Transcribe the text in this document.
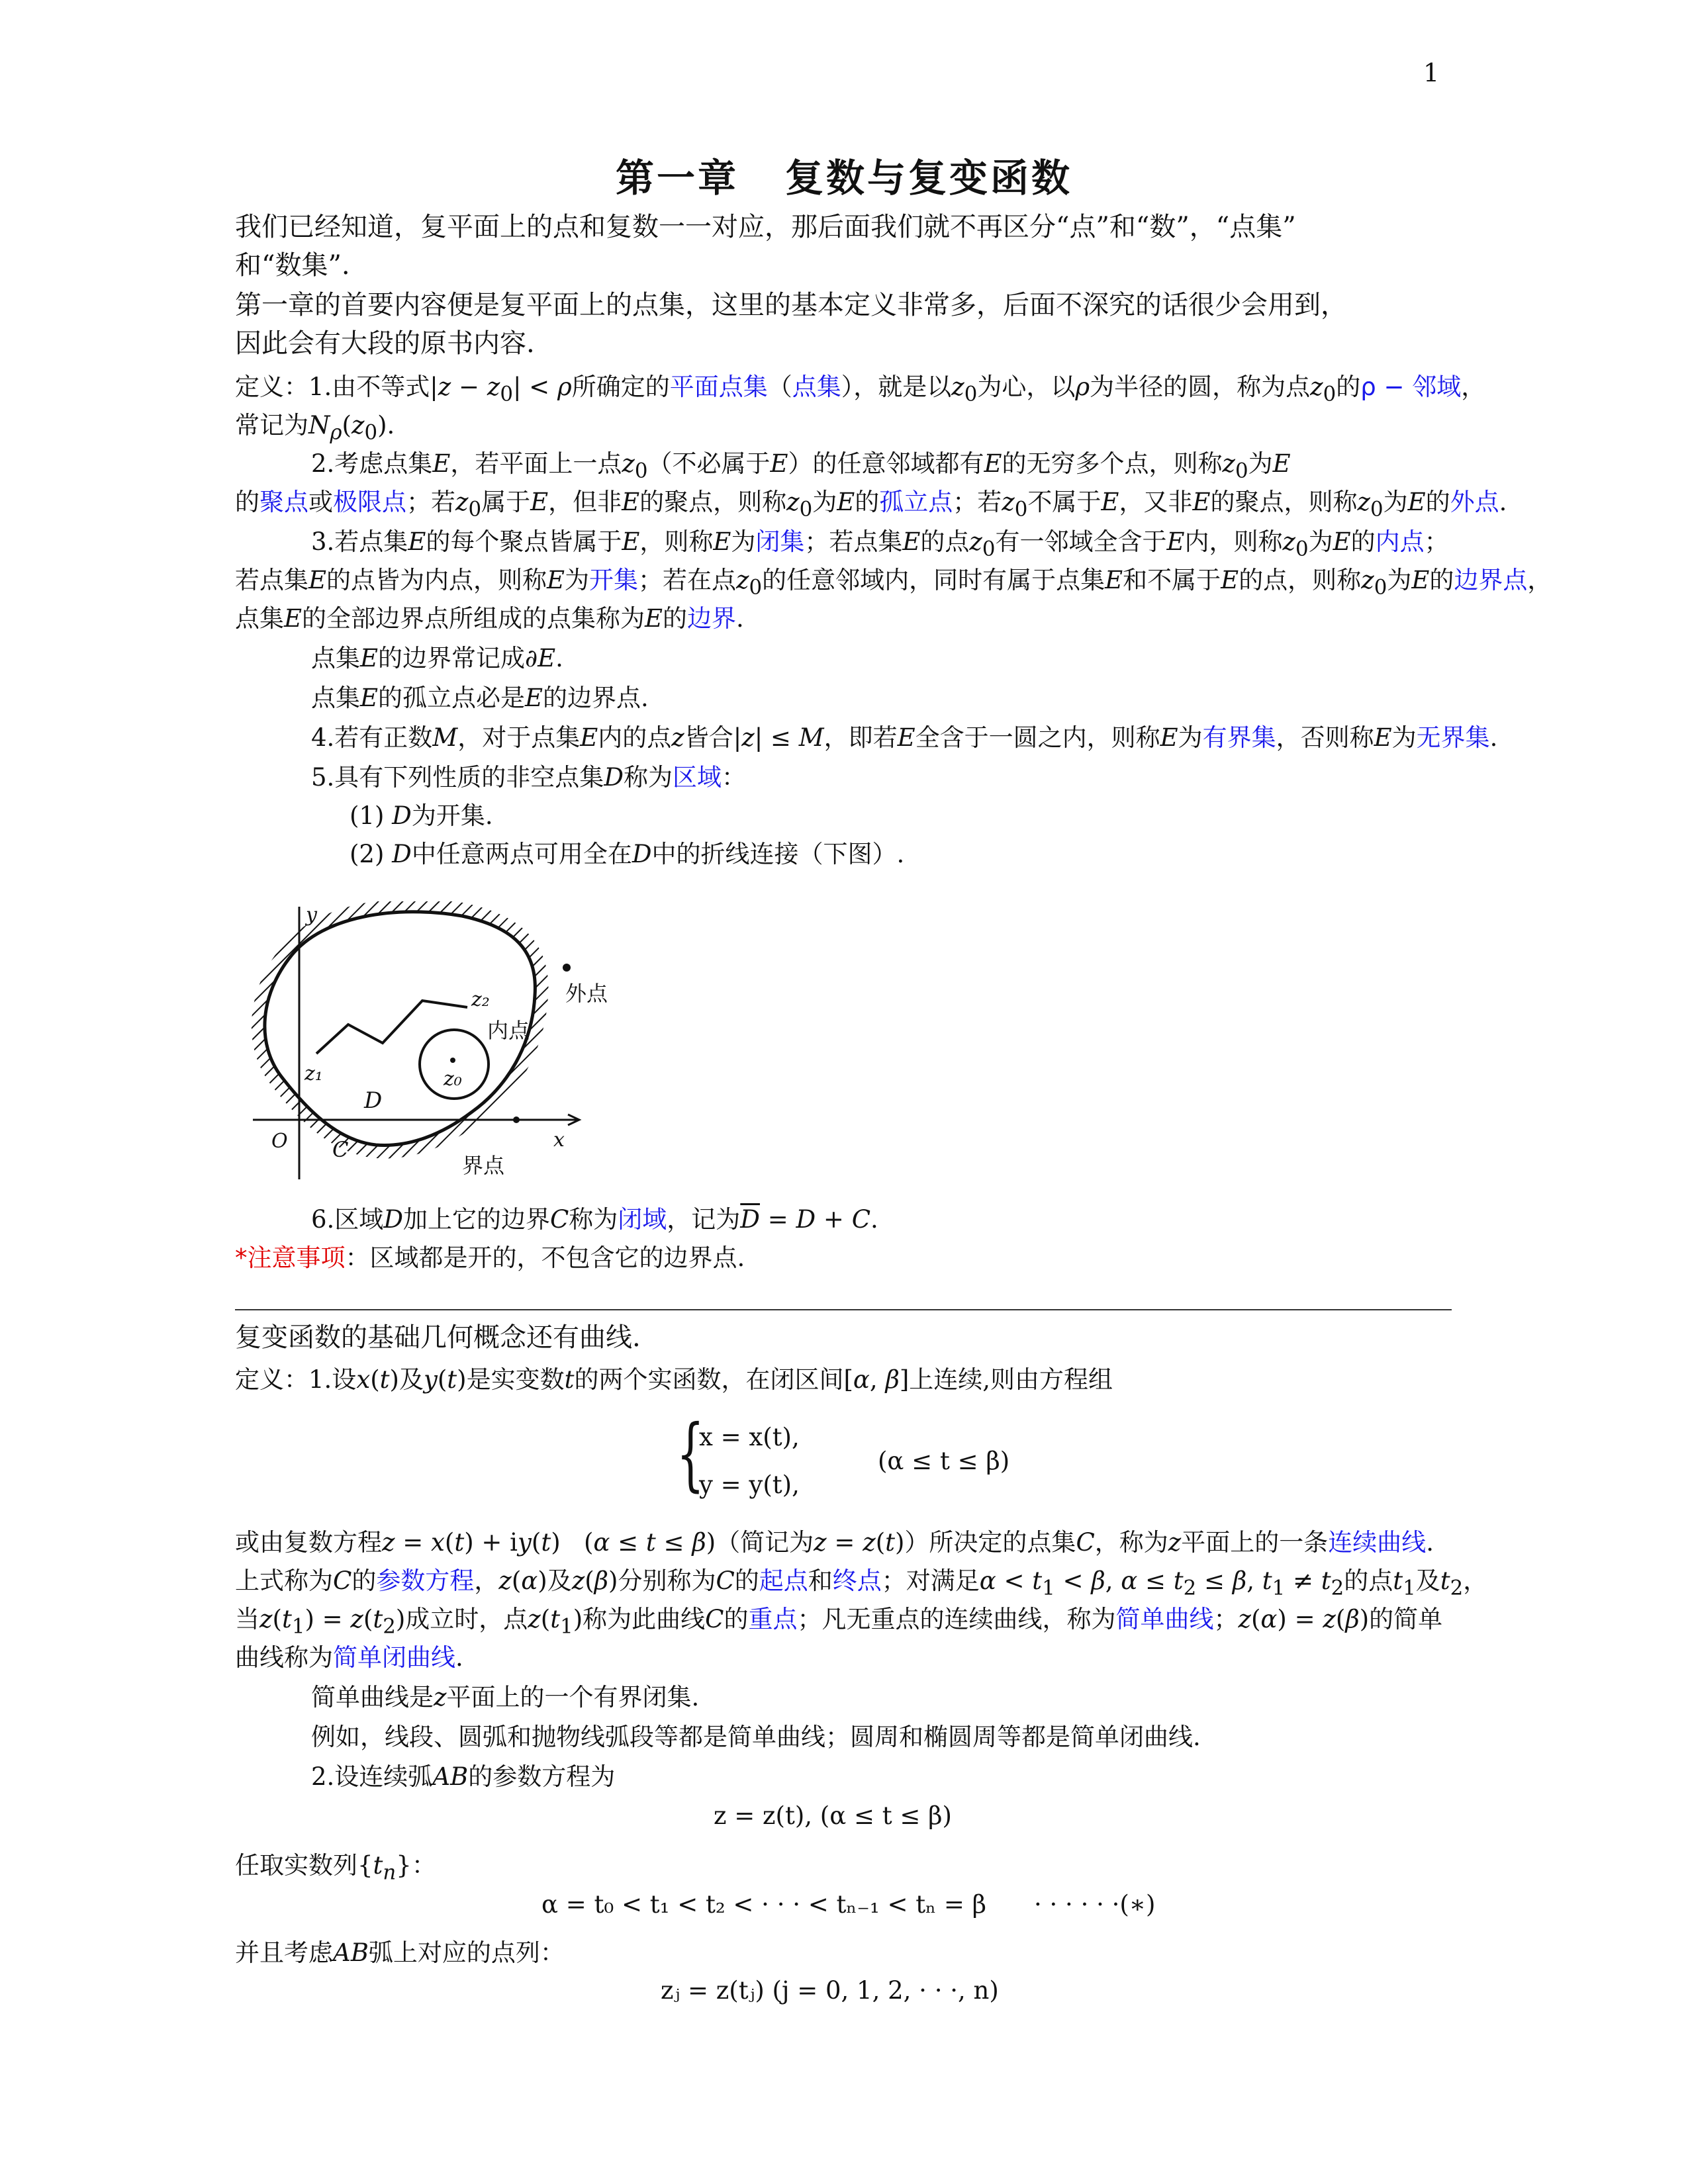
1
第一章 复数与复变函数
我们已经知道，复平面上的点和复数一一对应，那后面我们就不再区分“点”和“数”，“点集”
和“数集”.
第一章的首要内容便是复平面上的点集，这里的基本定义非常多，后面不深究的话很少会用到，
因此会有大段的原书内容.
定义：1.由不等式$|z - z_0| < \rho$所确定的平面点集（点集），就是以$z_0$为心，以ρ为半径的圆，称为点$z_0$的ρ − 邻域，
常记为$N_\rho(z_0)$.
2.考虑点集E，若平面上一点$z_0$（不必属于E）的任意邻域都有E的无穷多个点，则称$z_0$为E
的聚点或极限点；若$z_0$属于E，但非E的聚点，则称$z_0$为E的孤立点；若$z_0$不属于E，又非E的聚点，则称$z_0$为E的外点.
3.若点集E的每个聚点皆属于E，则称E为闭集；若点集E的点$z_0$有一邻域全含于E内，则称$z_0$为E的内点；
若点集E的点皆为内点，则称E为开集；若在点$z_0$的任意邻域内，同时有属于点集E和不属于E的点，则称$z_0$为E的边界点，
点集E的全部边界点所组成的点集称为E的边界.
点集E的边界常记成∂E.
点集E的孤立点必是E的边界点.
4.若有正数M，对于点集E内的点z皆合|z| ≤ M，即若E全含于一圆之内，则称E为有界集，否则称E为无界集.
5.具有下列性质的非空点集D称为区域：
(1) D为开集.
(2) D中任意两点可用全在D中的折线连接（下图）.
y
x
O
z₁
z₂
z₀
D
C
外点
内点
界点
6.区域D加上它的边界C称为闭域，记为$\overline{D} = D + C$.
*注意事项：区域都是开的，不包含它的边界点.
复变函数的基础几何概念还有曲线.
定义：1.设x(t)及y(t)是实变数t的两个实函数，在闭区间[α, β]上连续,则由方程组
{
x = x(t),
y = y(t),
(α ≤ t ≤ β)
或由复数方程z = x(t) + iy(t)   (α ≤ t ≤ β)（简记为z = z(t)）所决定的点集C，称为z平面上的一条连续曲线.
上式称为C的参数方程，z(α)及z(β)分别称为C的起点和终点；对满足$\alpha < t_1 < \beta$, $\alpha \le t_2 \le \beta$, $t_1 \ne t_2$的点$t_1$及$t_2$，
当$z(t_1) = z(t_2)$成立时，点$z(t_1)$称为此曲线C的重点；凡无重点的连续曲线，称为简单曲线；z(α) = z(β)的简单
曲线称为简单闭曲线.
简单曲线是z平面上的一个有界闭集.
例如，线段、圆弧和抛物线弧段等都是简单曲线；圆周和椭圆周等都是简单闭曲线.
2.设连续弧AB的参数方程为
z = z(t), (α ≤ t ≤ β)
任取实数列$\{t_n\}$：
α = t₀ < t₁ < t₂ < · · · < tₙ₋₁ < tₙ = β · · · · · ·(∗)
并且考虑AB弧上对应的点列：
zⱼ = z(tⱼ) (j = 0, 1, 2, · · ·, n)
